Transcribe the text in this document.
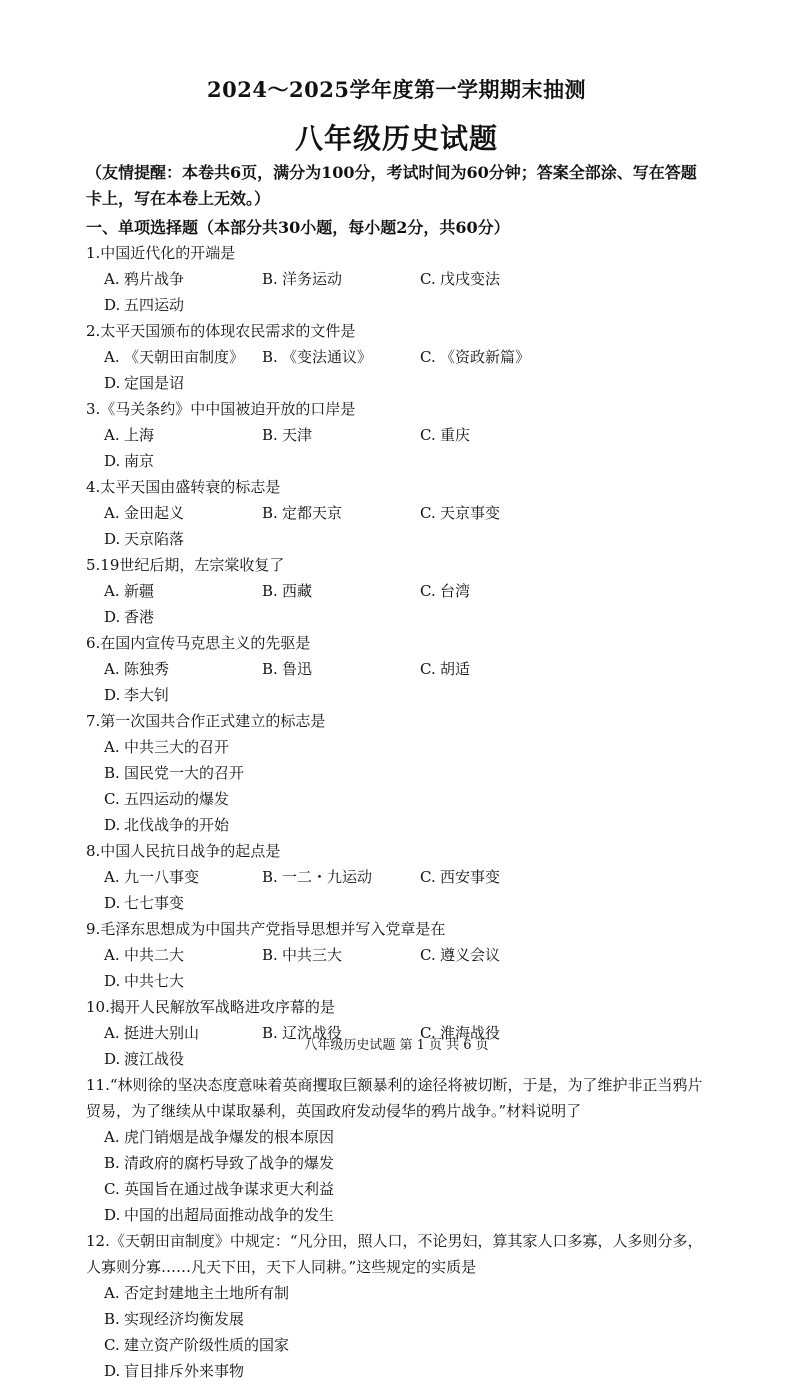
2024～2025学年度第一学期期末抽测
八年级历史试题
（友情提醒：本卷共6页，满分为100分，考试时间为60分钟；答案全部涂、写在答题卡上，写在本卷上无效。）
一、单项选择题（本部分共30小题，每小题2分，共60分）
1.中国近代化的开端是
A. 鸦片战争	B. 洋务运动	C. 戊戌变法
D. 五四运动
2.太平天国颁布的体现农民需求的文件是
A. 《天朝田亩制度》	B. 《变法通议》	C. 《资政新篇》
D. 定国是诏
3.《马关条约》中中国被迫开放的口岸是
A. 上海	B. 天津	C. 重庆
D. 南京
4.太平天国由盛转衰的标志是
A. 金田起义	B. 定都天京	C. 天京事变
D. 天京陷落
5.19世纪后期，左宗棠收复了
A. 新疆	B. 西藏	C. 台湾
D. 香港
6.在国内宣传马克思主义的先驱是
A. 陈独秀	B. 鲁迅	C. 胡适
D. 李大钊
7.第一次国共合作正式建立的标志是
A. 中共三大的召开
B. 国民党一大的召开
C. 五四运动的爆发
D. 北伐战争的开始
8.中国人民抗日战争的起点是
A. 九一八事变	B. 一二・九运动	C. 西安事变
D. 七七事变
9.毛泽东思想成为中国共产党指导思想并写入党章是在
A. 中共二大	B. 中共三大	C. 遵义会议
D. 中共七大
10.揭开人民解放军战略进攻序幕的是
A. 挺进大别山	B. 辽沈战役	C. 淮海战役
D. 渡江战役
11.“林则徐的坚决态度意味着英商攫取巨额暴利的途径将被切断，于是，为了维护非正当鸦片贸易，为了继续从中谋取暴利，英国政府发动侵华的鸦片战争。”材料说明了
A. 虎门销烟是战争爆发的根本原因
B. 清政府的腐朽导致了战争的爆发
C. 英国旨在通过战争谋求更大利益
D. 中国的出超局面推动战争的发生
12.《天朝田亩制度》中规定：“凡分田，照人口，不论男妇，算其家人口多寡，人多则分多，人寡则分寡……凡天下田，天下人同耕。”这些规定的实质是
A. 否定封建地主土地所有制
B. 实现经济均衡发展
C. 建立资产阶级性质的国家
D. 盲目排斥外来事物
八年级历史试题 第 1 页 共 6 页
